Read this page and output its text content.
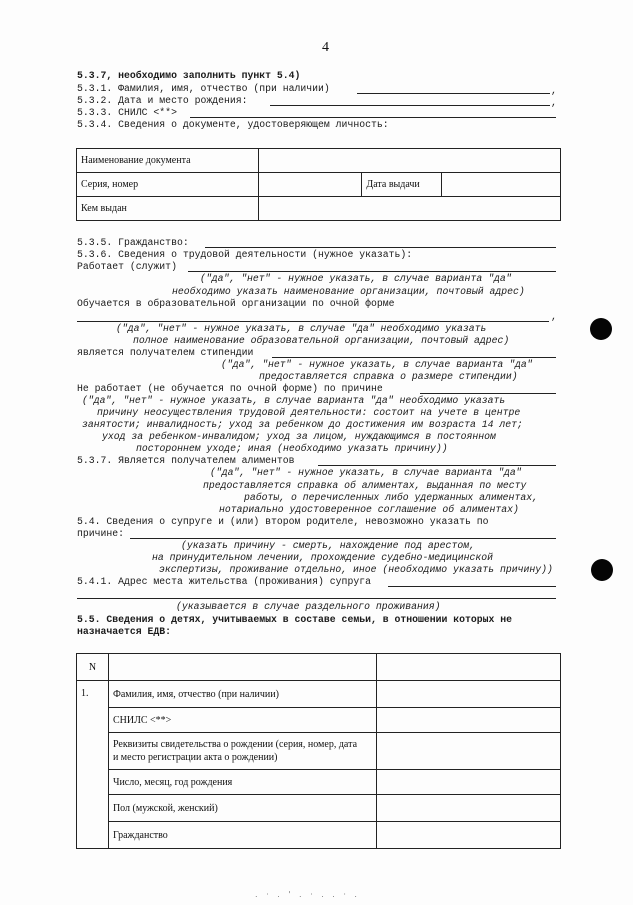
4
5.3.7, необходимо заполнить пункт 5.4)
5.3.1. Фамилия, имя, отчество (при наличии)	,
5.3.2. Дата и место рождения:	,
5.3.3. СНИЛС <**>
5.3.4. Сведения о документе, удостоверяющем личность:
Наименование документа			
Серия, номер		Дата выдачи	
Кем выдан			
5.3.5. Гражданство:
5.3.6. Сведения о трудовой деятельности (нужное указать):
Работает (служит)
("да", "нет" - нужное указать, в случае варианта "да"
необходимо указать наименование организации, почтовый адрес)
Обучается в образовательной организации по очной форме
,
("да", "нет" - нужное указать, в случае "да" необходимо указать
полное наименование образовательной организации, почтовый адрес)
является получателем стипендии
("да", "нет" - нужное указать, в случае варианта "да"
предоставляется справка о размере стипендии)
Не работает (не обучается по очной форме) по причине
("да", "нет" - нужное указать, в случае варианта "да" необходимо указать
причину неосуществления трудовой деятельности: состоит на учете в центре
занятости; инвалидность; уход за ребенком до достижения им возраста 14 лет;
уход за ребенком-инвалидом; уход за лицом, нуждающимся в постоянном
постороннем уходе; иная (необходимо указать причину))
5.3.7. Является получателем алиментов
("да", "нет" - нужное указать, в случае варианта "да"
предоставляется справка об алиментах, выданная по месту
работы, о перечисленных либо удержанных алиментах,
нотариально удостоверенное соглашение об алиментах)
5.4. Сведения о супруге и (или) втором родителе, невозможно указать по
причине:
(указать причину - смерть, нахождение под арестом,
на принудительном лечении, прохождение судебно-медицинской
экспертизы, проживание отдельно, иное (необходимо указать причину))
5.4.1. Адрес места жительства (проживания) супруга
(указывается в случае раздельного проживания)
5.5. Сведения о детях, учитываемых в составе семьи, в отношении которых не
назначается ЕДВ:
N		
1.	Фамилия, имя, отчество (при наличии)	
	СНИЛС <**>	

	Реквизиты свидетельства о рождении (серия, номер, дата
и место регистрации акта о рождении)	

	Число, месяц, год рождения	
	Пол (мужской, женский)	
	Гражданство	
. · . ' . · . . · .
